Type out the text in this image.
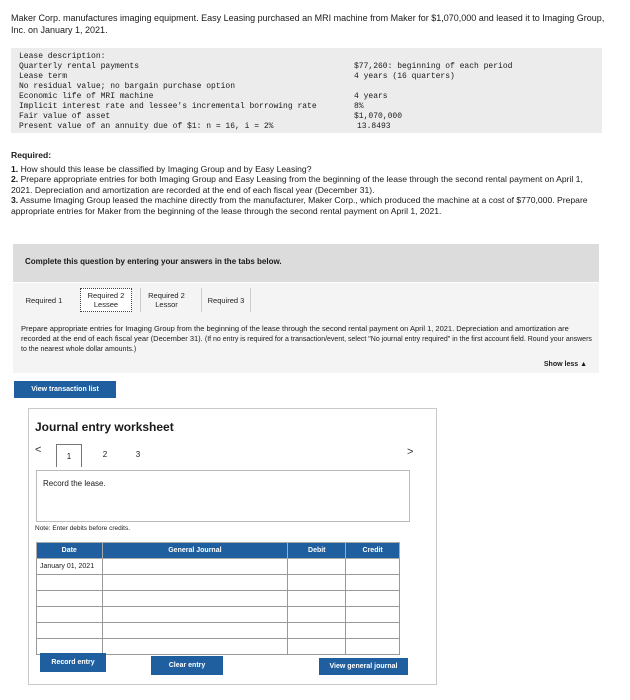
Maker Corp. manufactures imaging equipment. Easy Leasing purchased an MRI machine from Maker for $1,070,000 and leased it to Imaging Group, Inc. on January 1, 2021.
Lease description:
Quarterly rental payments	$77,260: beginning of each period
Lease term	4 years (16 quarters)
No residual value; no bargain purchase option
Economic life of MRI machine	4 years
Implicit interest rate and lessee's incremental borrowing rate	8%
Fair value of asset	$1,070,000
Present value of an annuity due of $1: n = 16, i = 2%	13.8493

Required:

1. How should this lease be classified by Imaging Group and by Easy Leasing?

2. Prepare appropriate entries for both Imaging Group and Easy Leasing from the beginning of the lease through the second rental payment on April 1, 2021. Depreciation and amortization are recorded at the end of each fiscal year (December 31).

3. Assume Imaging Group leased the machine directly from the manufacturer, Maker Corp., which produced the machine at a cost of $770,000. Prepare appropriate entries for Maker from the beginning of the lease through the second rental payment on April 1, 2021.

Complete this question by entering your answers in the tabs below.
Required 1	Required 2
Lessee
Required 2
Lessor	Required 3
Prepare appropriate entries for Imaging Group from the beginning of the lease through the second rental payment on April 1, 2021. Depreciation and amortization are recorded at the end of each fiscal year (December 31). (If no entry is required for a transaction/event, select "No journal entry required" in the first account field. Round your answers to the nearest whole dollar amounts.)
Show less ▲
View transaction list
Journal entry worksheet
<	1	2	3	>
Record the lease.
Note: Enter debits before credits.
Date	General Journal	Debit	Credit
January 01, 2021			

Record entry	Clear entry	View general journal
